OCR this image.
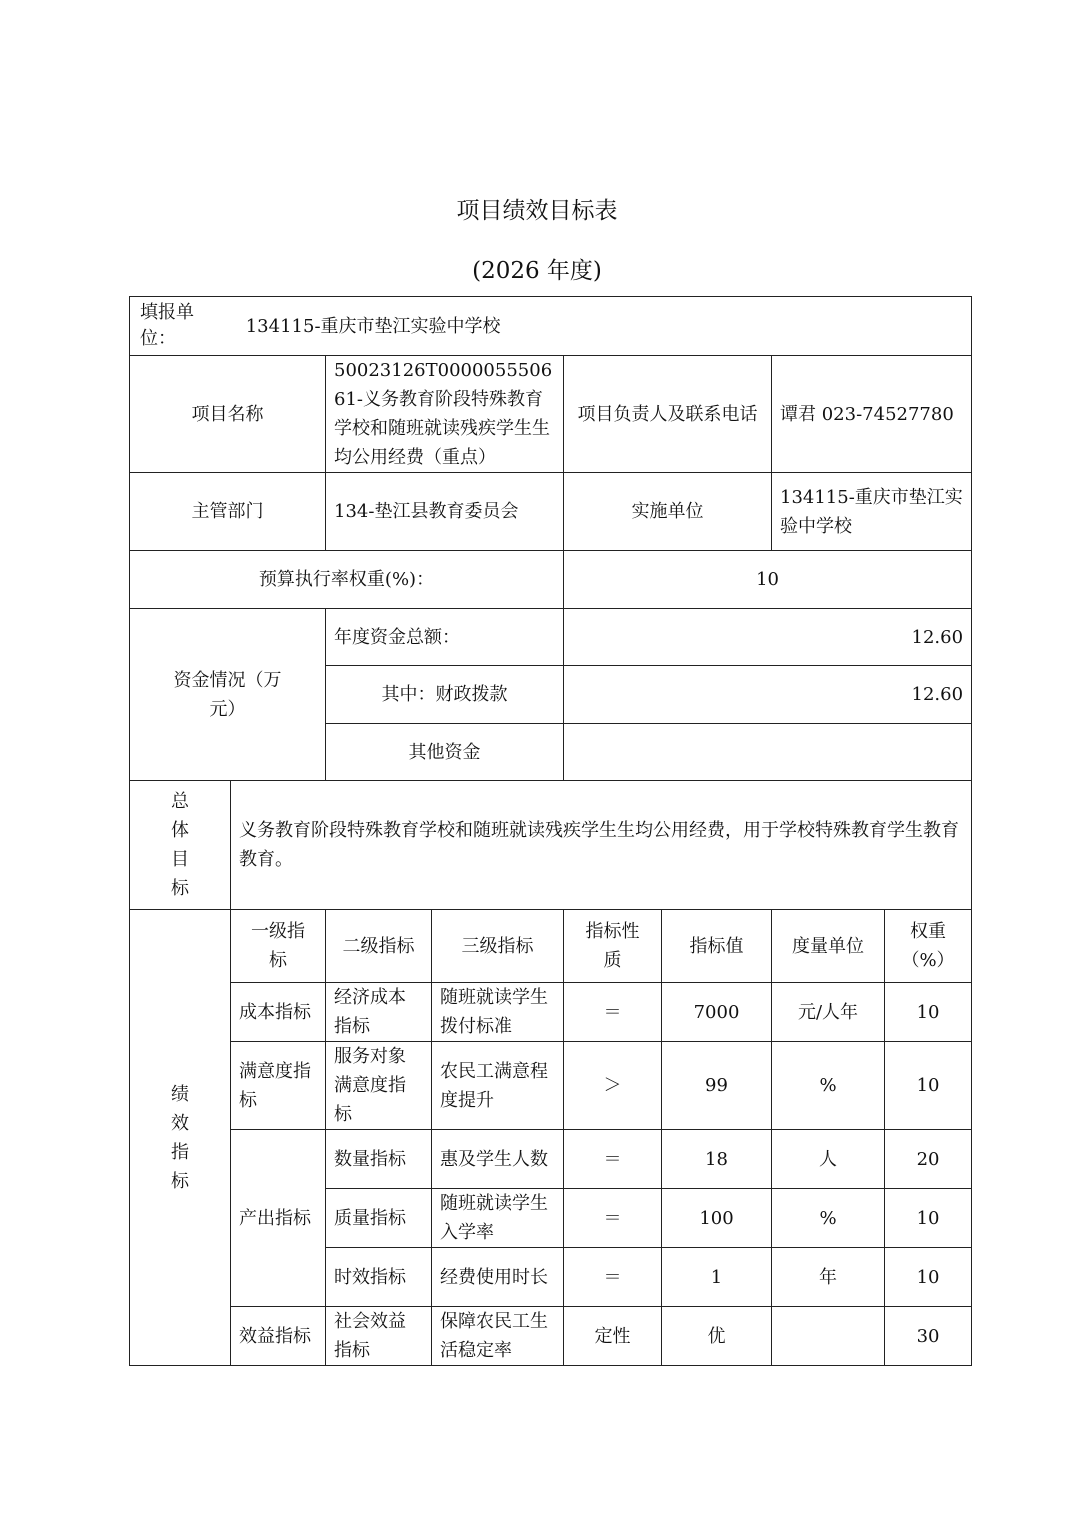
项目绩效目标表
(2026 年度)
填报单位： 134115-重庆市垫江实验中学校							
项目名称		50023126T000005550661-义务教育阶段特殊教育学校和随班就读残疾学生生均公用经费（重点）		项目负责人及联系电话		谭君 023-74527780	
主管部门		134-垫江县教育委员会		实施单位		134115-重庆市垫江实验中学校	
预算执行率权重(%)：				10			
资金情况（万元）		年度资金总额：		12.60			
		其中：财政拨款		12.60			
		其他资金					
总体目标	义务教育阶段特殊教育学校和随班就读残疾学生生均公用经费，用于学校特殊教育学生教育教育。						
绩效指标	一级指标	二级指标	三级指标	指标性质	指标值	度量单位	权重（%）
	成本指标	经济成本指标	随班就读学生拨付标准	＝	7000	元/人年	10
	满意度指标	服务对象满意度指标	农民工满意程度提升	＞	99	%	10
	产出指标	数量指标	惠及学生人数	＝	18	人	20
		质量指标	随班就读学生入学率	＝	100	%	10
		时效指标	经费使用时长	＝	1	年	10
	效益指标	社会效益指标	保障农民工生活稳定率	定性	优		30
